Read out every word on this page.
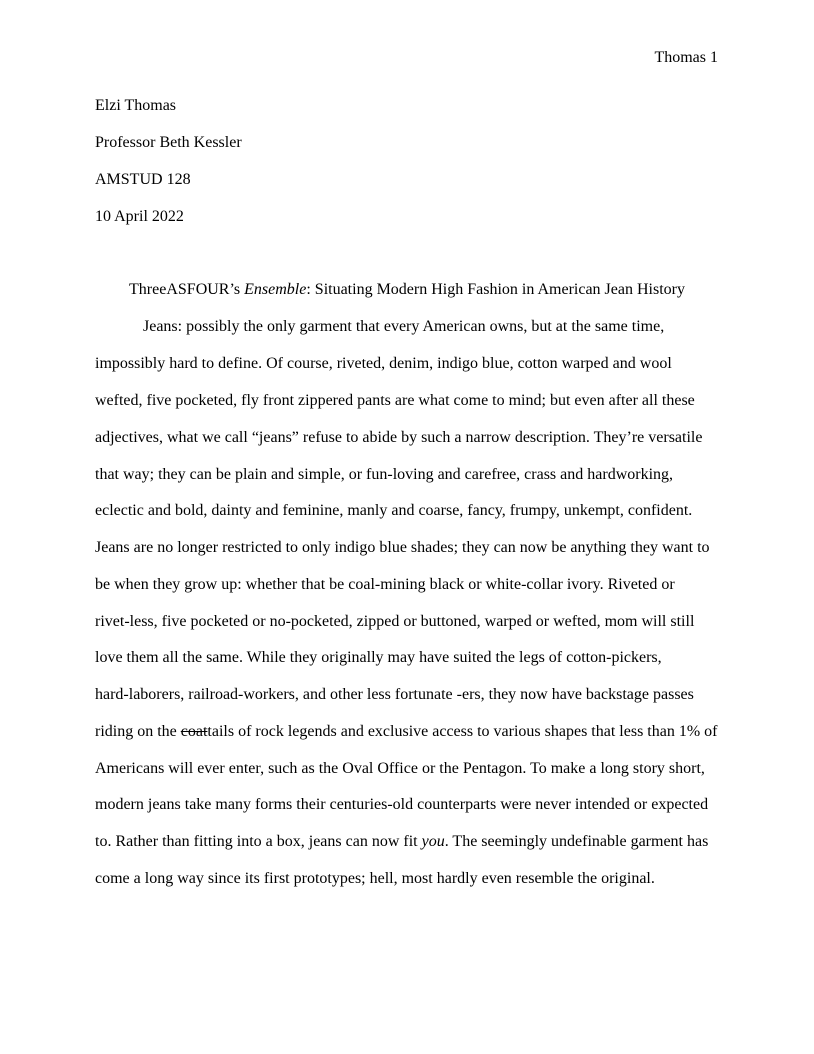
Thomas 1
Elzi Thomas
Professor Beth Kessler
AMSTUD 128
10 April 2022
ThreeASFOUR’s Ensemble: Situating Modern High Fashion in American Jean History
Jeans: possibly the only garment that every American owns, but at the same time,
impossibly hard to define. Of course, riveted, denim, indigo blue, cotton warped and wool
wefted, five pocketed, fly front zippered pants are what come to mind; but even after all these
adjectives, what we call “jeans” refuse to abide by such a narrow description. They’re versatile
that way; they can be plain and simple, or fun-loving and carefree, crass and hardworking,
eclectic and bold, dainty and feminine, manly and coarse, fancy, frumpy, unkempt, confident.
Jeans are no longer restricted to only indigo blue shades; they can now be anything they want to
be when they grow up: whether that be coal-mining black or white-collar ivory. Riveted or
rivet-less, five pocketed or no-pocketed, zipped or buttoned, warped or wefted, mom will still
love them all the same. While they originally may have suited the legs of cotton-pickers,
hard-laborers, railroad-workers, and other less fortunate -ers, they now have backstage passes
riding on the coattails of rock legends and exclusive access to various shapes that less than 1% of
Americans will ever enter, such as the Oval Office or the Pentagon. To make a long story short,
modern jeans take many forms their centuries-old counterparts were never intended or expected
to. Rather than fitting into a box, jeans can now fit you. The seemingly undefinable garment has
come a long way since its first prototypes; hell, most hardly even resemble the original.
